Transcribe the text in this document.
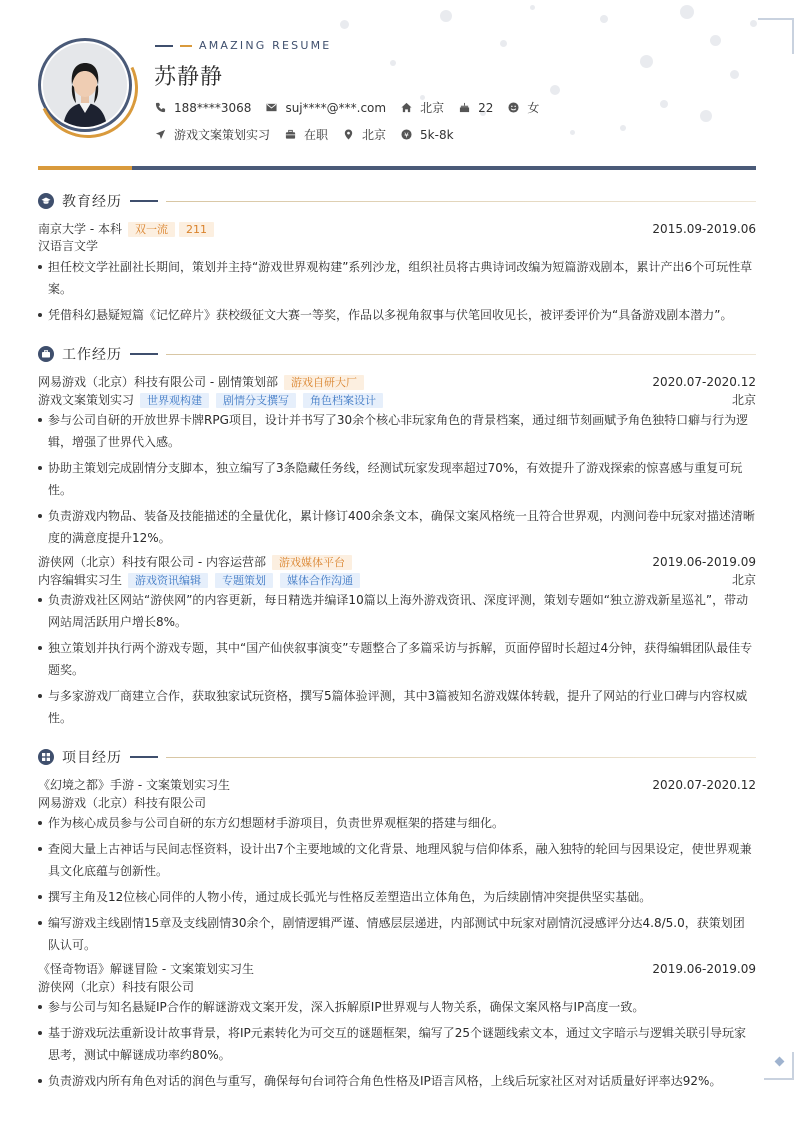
AMAZING RESUME
苏静静
188****3068	suj****@***.com	北京	22	女
游戏文案策划实习	在职	北京 ¥ 5k-8k
教育经历
南京大学 - 本科	双一流	211	2015.09-2019.06
汉语言文学
担任校文学社副社长期间，策划并主持“游戏世界观构建”系列沙龙，组织社员将古典诗词改编为短篇游戏剧本，累计产出6个可玩性草案。
凭借科幻悬疑短篇《记忆碎片》获校级征文大赛一等奖，作品以多视角叙事与伏笔回收见长，被评委评价为“具备游戏剧本潜力”。
工作经历
网易游戏（北京）科技有限公司 - 剧情策划部	游戏自研大厂	2020.07-2020.12
游戏文案策划实习	世界观构建	剧情分支撰写	角色档案设计	北京
参与公司自研的开放世界卡牌RPG项目，设计并书写了30余个核心非玩家角色的背景档案，通过细节刻画赋予角色独特口癖与行为逻辑，增强了世界代入感。
协助主策划完成剧情分支脚本，独立编写了3条隐藏任务线，经测试玩家发现率超过70%，有效提升了游戏探索的惊喜感与重复可玩性。
负责游戏内物品、装备及技能描述的全量优化，累计修订400余条文本，确保文案风格统一且符合世界观，内测问卷中玩家对描述清晰度的满意度提升12%。
游侠网（北京）科技有限公司 - 内容运营部	游戏媒体平台	2019.06-2019.09
内容编辑实习生	游戏资讯编辑	专题策划	媒体合作沟通	北京
负责游戏社区网站“游侠网”的内容更新，每日精选并编译10篇以上海外游戏资讯、深度评测，策划专题如“独立游戏新星巡礼”，带动网站周活跃用户增长8%。
独立策划并执行两个游戏专题，其中“国产仙侠叙事演变”专题整合了多篇采访与拆解，页面停留时长超过4分钟，获得编辑团队最佳专题奖。
与多家游戏厂商建立合作，获取独家试玩资格，撰写5篇体验评测，其中3篇被知名游戏媒体转载，提升了网站的行业口碑与内容权威性。
项目经历
《幻境之都》手游 - 文案策划实习生	2020.07-2020.12
网易游戏（北京）科技有限公司
作为核心成员参与公司自研的东方幻想题材手游项目，负责世界观框架的搭建与细化。
查阅大量上古神话与民间志怪资料，设计出7个主要地域的文化背景、地理风貌与信仰体系，融入独特的轮回与因果设定，使世界观兼具文化底蕴与创新性。
撰写主角及12位核心同伴的人物小传，通过成长弧光与性格反差塑造出立体角色，为后续剧情冲突提供坚实基础。
编写游戏主线剧情15章及支线剧情30余个，剧情逻辑严谨、情感层层递进，内部测试中玩家对剧情沉浸感评分达4.8/5.0，获策划团队认可。
《怪奇物语》解谜冒险 - 文案策划实习生	2019.06-2019.09
游侠网（北京）科技有限公司
参与公司与知名悬疑IP合作的解谜游戏文案开发，深入拆解原IP世界观与人物关系，确保文案风格与IP高度一致。
基于游戏玩法重新设计故事背景，将IP元素转化为可交互的谜题框架，编写了25个谜题线索文本，通过文字暗示与逻辑关联引导玩家思考，测试中解谜成功率约80%。
负责游戏内所有角色对话的润色与重写，确保每句台词符合角色性格及IP语言风格，上线后玩家社区对对话质量好评率达92%。
